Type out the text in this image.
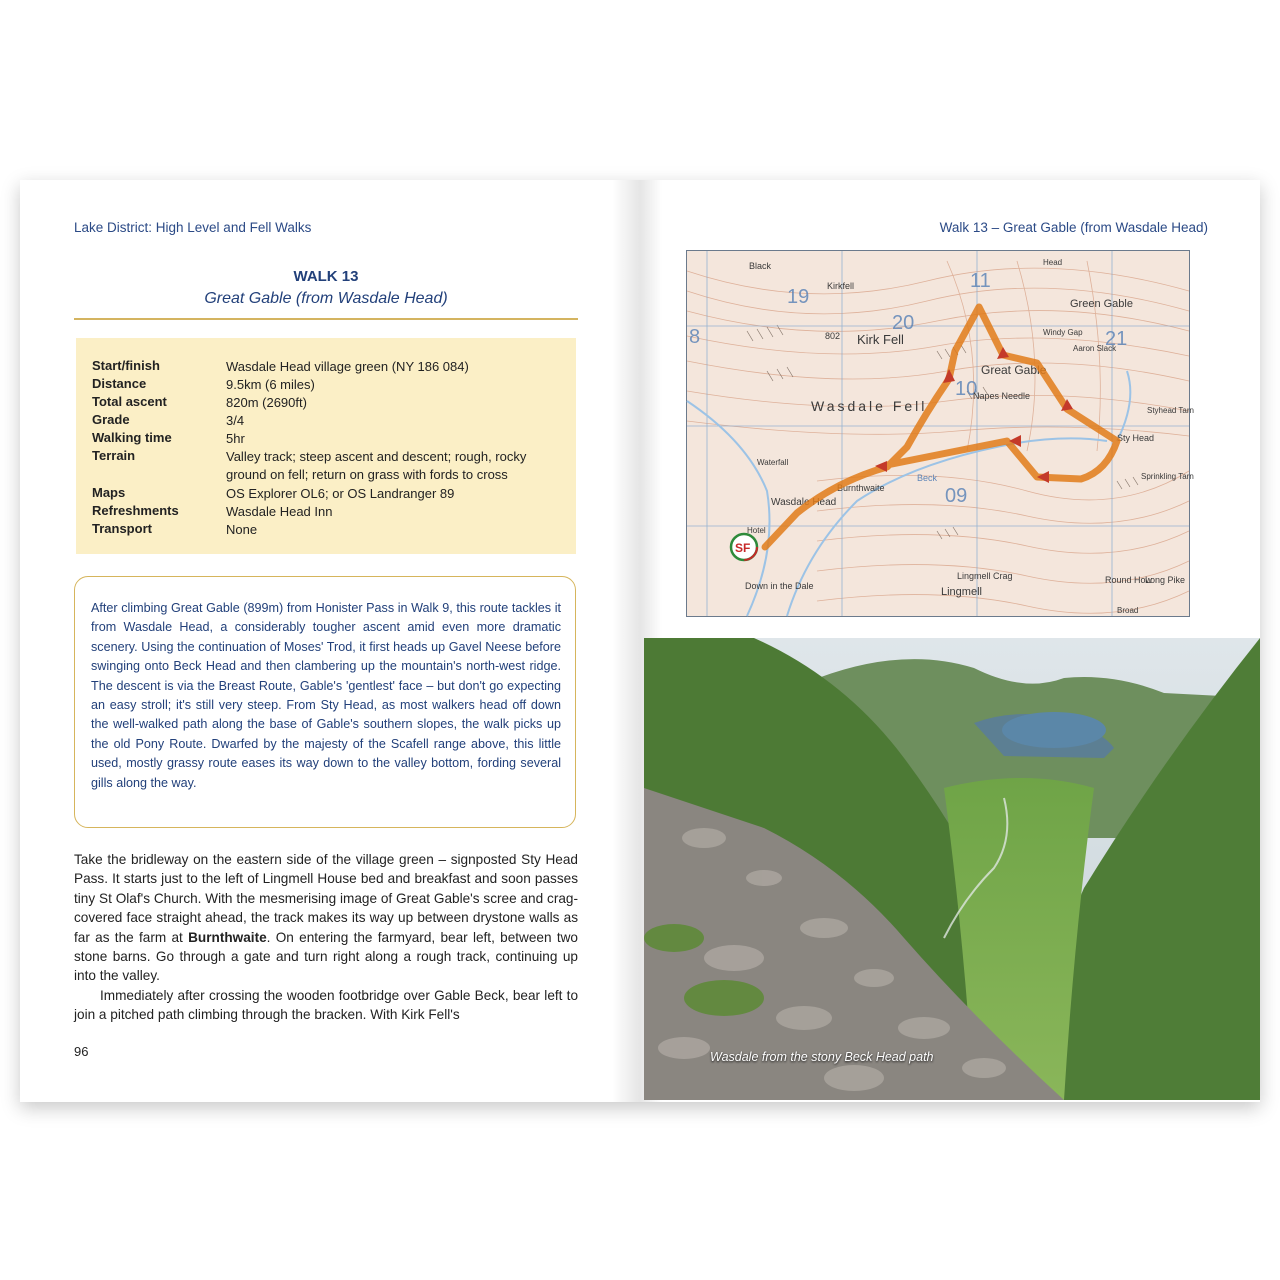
Lake District: High Level and Fell Walks
WALK 13
Great Gable (from Wasdale Head)
Start/finish	Wasdale Head village green (NY 186 084)
Distance	9.5km (6 miles)
Total ascent	820m (2690ft)
Grade	3/4
Walking time	5hr
Terrain	Valley track; steep ascent and descent; rough, rocky ground on fell; return on grass with fords to cross
Maps	OS Explorer OL6; or OS Landranger 89
Refreshments	Wasdale Head Inn
Transport	None
After climbing Great Gable (899m) from Honister Pass in Walk 9, this route tackles it from Wasdale Head, a considerably tougher ascent amid even more dramatic scenery. Using the continuation of Moses' Trod, it first heads up Gavel Neese before swinging onto Beck Head and then clambering up the mountain's north-west ridge. The descent is via the Breast Route, Gable's 'gentlest' face – but don't go expecting an easy stroll; it's still very steep. From Sty Head, as most walkers head off down the well-walked path along the base of Gable's southern slopes, the walk picks up the old Pony Route. Dwarfed by the majesty of the Scafell range above, this little used, mostly grassy route eases its way down to the valley bottom, fording several gills along the way.

Take the bridleway on the eastern side of the village green – signposted Sty Head Pass. It starts just to the left of Lingmell House bed and breakfast and soon passes tiny St Olaf's Church. With the mesmerising image of Great Gable's scree and crag-covered face straight ahead, the track makes its way up between drystone walls as far as the farm at Burnthwaite. On entering the farmyard, bear left, between two stone barns. Go through a gate and turn right along a rough track, continuing up into the valley.

Immediately after crossing the wooden footbridge over Gable Beck, bear left to join a pitched path climbing through the bracken. With Kirk Fell's

96
Walk 13 – Great Gable (from Wasdale Head)
19
20
11
21
8
09
10
Kirk Fell
Kirkfell
Great Gable
Green Gable
Wasdale Fell
Napes Needle
Sty Head
Styhead Tarn
Burnthwaite
Wasdale Head
Lingmell
Lingmell Crag	Round How
Long Pike
Down in the Dale
Hotel
Beck
Waterfall
802
Aaron Slack
Windy Gap
Black	Head
Sprinkling Tarn
Broad
SF
Wasdale from the stony Beck Head path
